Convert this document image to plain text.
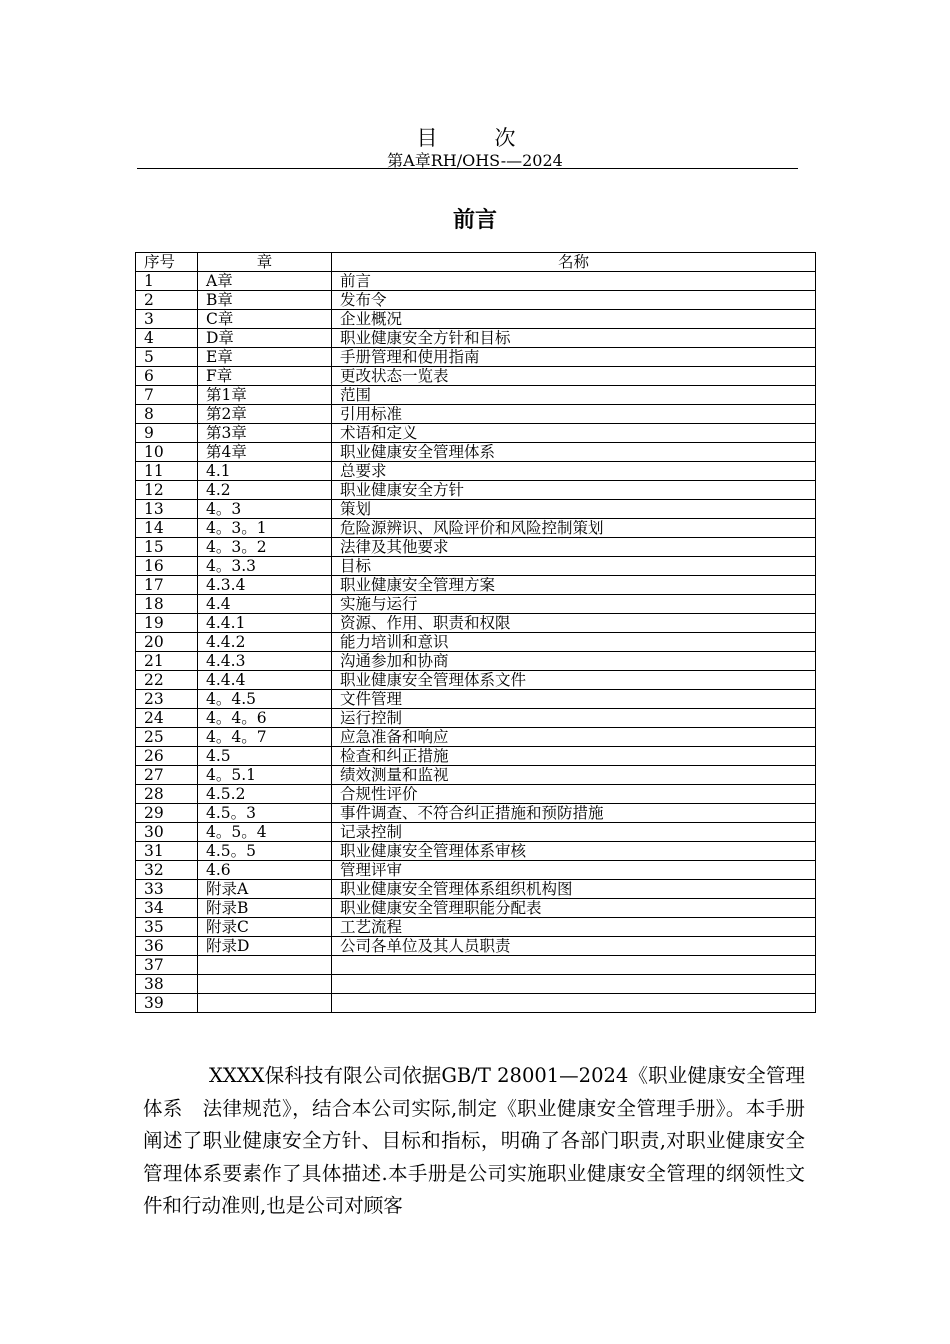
目　次
第A章RH/OHS-—2024
前言
序号	章	名称
1	A章	前言
2	B章	发布令
3	C章	企业概况
4	D章	职业健康安全方针和目标
5	E章	手册管理和使用指南
6	F章	更改状态一览表
7	第1章	范围
8	第2章	引用标准
9	第3章	术语和定义
10	第4章	职业健康安全管理体系
11	4.1	总要求
12	4.2	职业健康安全方针
13	4。3	策划
14	4。3。1	危险源辨识、风险评价和风险控制策划
15	4。3。2	法律及其他要求
16	4。3.3	目标
17	4.3.4	职业健康安全管理方案
18	4.4	实施与运行
19	4.4.1	资源、作用、职责和权限
20	4.4.2	能力培训和意识
21	4.4.3	沟通参加和协商
22	4.4.4	职业健康安全管理体系文件
23	4。4.5	文件管理
24	4。4。6	运行控制
25	4。4。7	应急准备和响应
26	4.5	检查和纠正措施
27	4。5.1	绩效测量和监视
28	4.5.2	合规性评价
29	4.5。3	事件调查、不符合纠正措施和预防措施
30	4。5。4	记录控制
31	4.5。5	职业健康安全管理体系审核
32	4.6	管理评审
33	附录A	职业健康安全管理体系组织机构图
34	附录B	职业健康安全管理职能分配表
35	附录C	工艺流程
36	附录D	公司各单位及其人员职责
37		
38		
39		

XXXX保科技有限公司依据GB/T 28001—2024《职业健康安全管理体系　法律规范》，结合本公司实际,制定《职业健康安全管理手册》。本手册阐述了职业健康安全方针、目标和指标，明确了各部门职责,对职业健康安全管理体系要素作了具体描述.本手册是公司实施职业健康安全管理的纲领性文件和行动准则,也是公司对顾客
